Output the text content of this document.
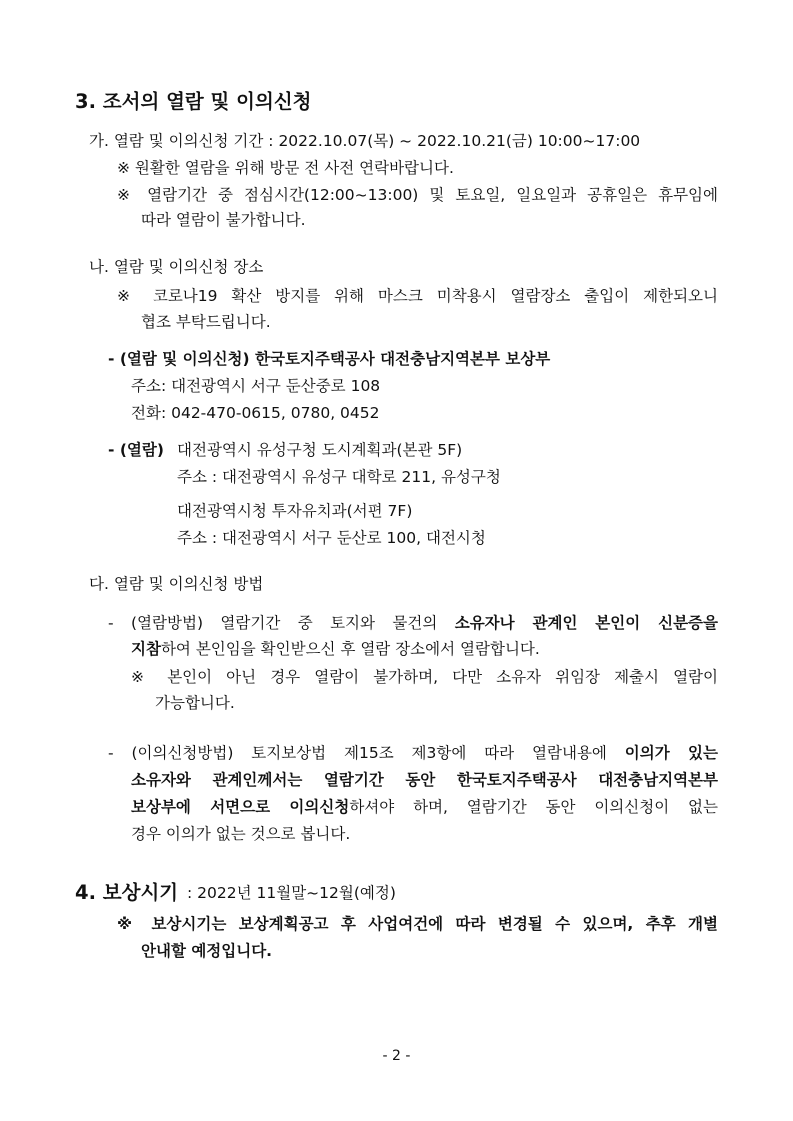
3. 조서의 열람 및 이의신청
가. 열람 및 이의신청 기간 : 2022.10.07(목) ~ 2022.10.21(금) 10:00~17:00
※ 원활한 열람을 위해 방문 전 사전 연락바랍니다.
※ 열람기간 중 점심시간(12:00~13:00) 및 토요일, 일요일과 공휴일은 휴무임에
따라 열람이 불가합니다.
나. 열람 및 이의신청 장소
※ 코로나19 확산 방지를 위해 마스크 미착용시 열람장소 출입이 제한되오니
협조 부탁드립니다.
- (열람 및 이의신청) 한국토지주택공사 대전충남지역본부 보상부
주소: 대전광역시 서구 둔산중로 108
전화: 042-470-0615, 0780, 0452
- (열람) 대전광역시 유성구청 도시계획과(본관 5F)
주소 : 대전광역시 유성구 대학로 211, 유성구청
대전광역시청 투자유치과(서편 7F)
주소 : 대전광역시 서구 둔산로 100, 대전시청
다. 열람 및 이의신청 방법
- (열람방법) 열람기간 중 토지와 물건의 소유자나 관계인 본인이 신분증을
지참하여 본인임을 확인받으신 후 열람 장소에서 열람합니다.
※ 본인이 아닌 경우 열람이 불가하며, 다만 소유자 위임장 제출시 열람이
가능합니다.
- (이의신청방법) 토지보상법 제15조 제3항에 따라 열람내용에 이의가 있는
소유자와 관계인께서는 열람기간 동안 한국토지주택공사 대전충남지역본부
보상부에 서면으로 이의신청하셔야 하며, 열람기간 동안 이의신청이 없는
경우 이의가 없는 것으로 봅니다.
4. 보상시기 : 2022년 11월말~12월(예정)
※ 보상시기는 보상계획공고 후 사업여건에 따라 변경될 수 있으며, 추후 개별
안내할 예정입니다.
- 2 -
